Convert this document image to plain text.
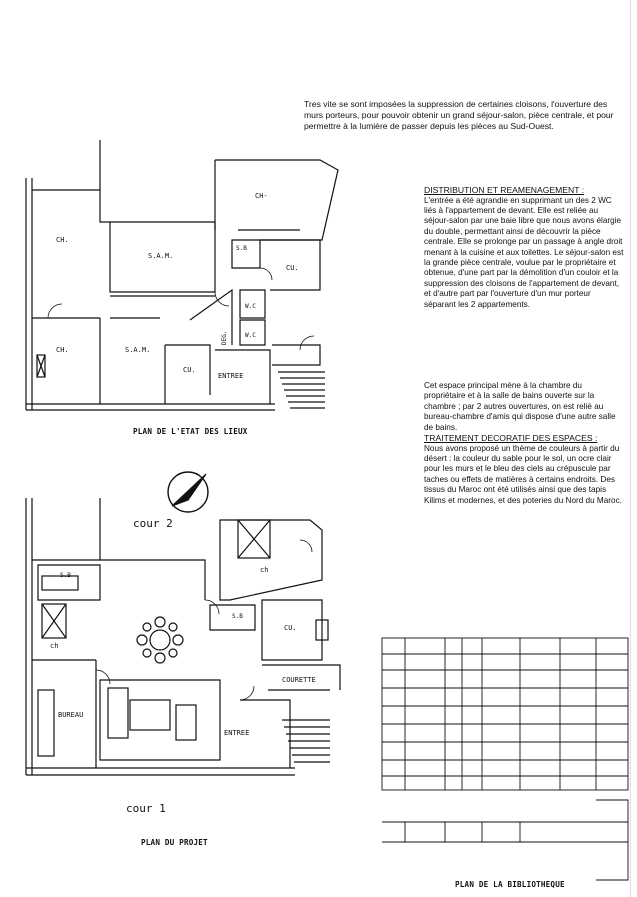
Tres vite se sont imposées la suppression de certaines cloisons, l'ouverture des murs porteurs, pour pouvoir obtenir un grand séjour-salon, pièce centrale, et pour permettre à la lumière de passer depuis les pièces au Sud-Ouest.
DISTRIBUTION ET REAMENAGEMENT :

L'entrée a été agrandie en supprimant un des 2 WC liés à l'appartement de devant. Elle est reliée au séjour-salon par une baie libre que nous avons élargie du double, permettant ainsi de découvrir la pièce centrale. Elle se prolonge par un passage à angle droit menant à la cuisine et aux toilettes. Le séjour-salon est la grande pièce centrale, voulue par le propriétaire et obtenue, d'une part par la démolition d'un couloir et la suppression des cloisons de l'appartement de devant, et d'autre part par l'ouverture d'un mur porteur séparant les 2 appartements.

Cet espace principal mène à la chambre du propriétaire et à la salle de bains ouverte sur la chambre ; par 2 autres ouvertures, on est relié au bureau-chambre d'amis qui dispose d'une autre salle de bains.

TRAITEMENT DECORATIF DES ESPACES :

Nous avons proposé un thème de couleurs à partir du désert : la couleur du sable pour le sol, un ocre clair pour les murs et le bleu des ciels au crépuscule par taches ou effets de matières à certains endroits. Des tissus du Maroc ont été utilisés ainsi que des tapis Kilims et modernes, et des poteries du Nord du Maroc.

CH-
CH.
S.A.M.
S.B
CU.
W.C
W.C
DEG.
CH.	S.A.M.
CU.
ENTREE
cour 2
S.B
ch
ch
S.B
CU.
COURETTE
BUREAU
ENTREE
cour 1
PLAN DE L'ETAT DES LIEUX
PLAN DU PROJET
PLAN DE LA BIBLIOTHEQUE
